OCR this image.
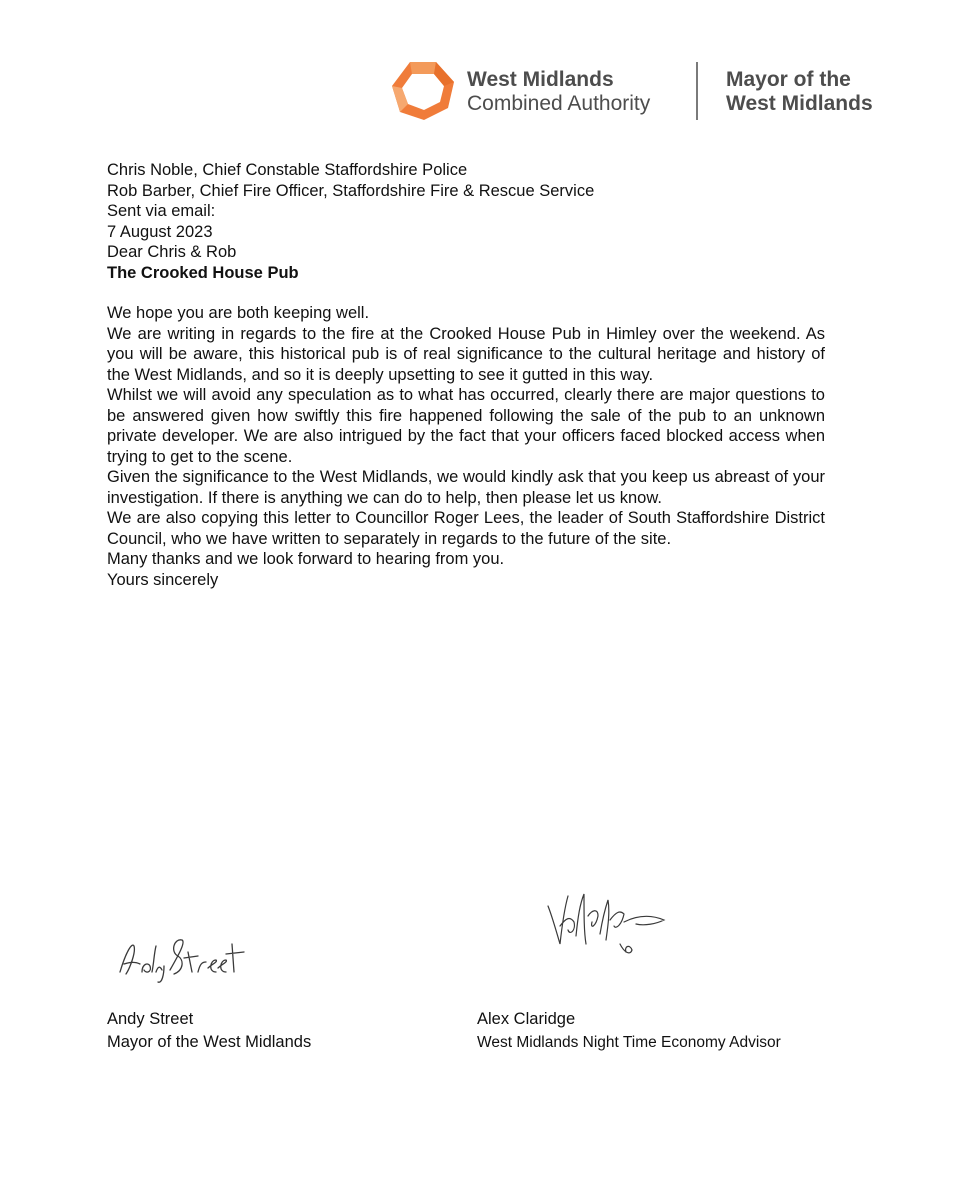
West Midlands
Combined Authority
Mayor of the
West Midlands

Chris Noble, Chief Constable Staffordshire Police

Rob Barber, Chief Fire Officer, Staffordshire Fire & Rescue Service

Sent via email:

7 August 2023

Dear Chris & Rob

The Crooked House Pub

We hope you are both keeping well.

We are writing in regards to the fire at the Crooked House Pub in Himley over the weekend. As you will be aware, this historical pub is of real significance to the cultural heritage and history of the West Midlands, and so it is deeply upsetting to see it gutted in this way.

Whilst we will avoid any speculation as to what has occurred, clearly there are major questions to be answered given how swiftly this fire happened following the sale of the pub to an unknown private developer. We are also intrigued by the fact that your officers faced blocked access when trying to get to the scene.

Given the significance to the West Midlands, we would kindly ask that you keep us abreast of your investigation. If there is anything we can do to help, then please let us know.

We are also copying this letter to Councillor Roger Lees, the leader of South Staffordshire District Council, who we have written to separately in regards to the future of the site.

Many thanks and we look forward to hearing from you.

Yours sincerely

Andy Street
Mayor of the West Midlands
Alex Claridge
West Midlands Night Time Economy Advisor
